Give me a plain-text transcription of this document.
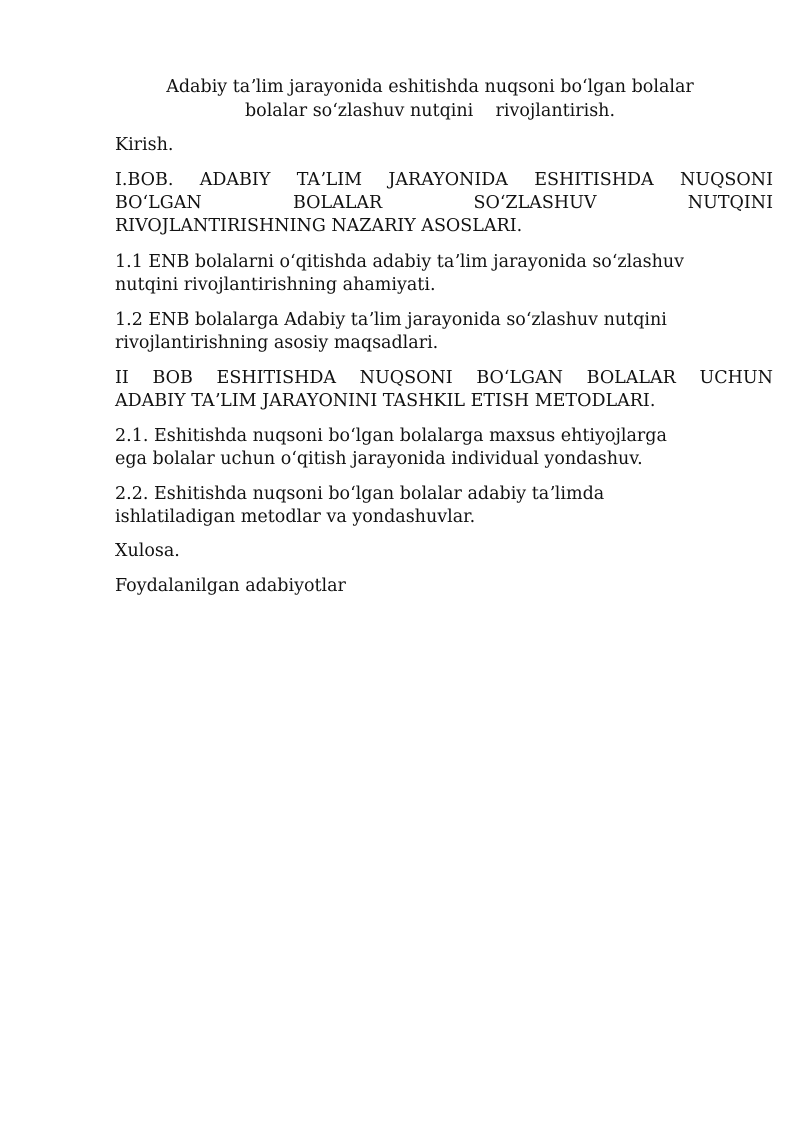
Adabiy taʼlim jarayonida eshitishda nuqsoni boʻlgan bolalar
bolalar soʻzlashuv nutqini    rivojlantirish.
Kirish.
I.BOB. ADABIY TAʼLIM JARAYONIDA ESHITISHDA NUQSONI
BOʻLGAN BOLALAR SOʻZLASHUV NUTQINI
RIVOJLANTIRISHNING NAZARIY ASOSLARI.
1.1 ENB bolalarni oʻqitishda adabiy taʼlim jarayonida soʻzlashuv
nutqini rivojlantirishning ahamiyati.
1.2 ENB bolalarga Adabiy taʼlim jarayonida soʻzlashuv nutqini
rivojlantirishning asosiy maqsadlari.
II BOB ESHITISHDA NUQSONI BOʻLGAN BOLALAR UCHUN
ADABIY TAʼLIM JARAYONINI TASHKIL ETISH METODLARI.
2.1. Eshitishda nuqsoni boʻlgan bolalarga maxsus ehtiyojlarga
ega bolalar uchun oʻqitish jarayonida individual yondashuv.
2.2. Eshitishda nuqsoni boʻlgan bolalar adabiy taʼlimda
ishlatiladigan metodlar va yondashuvlar.
Xulosa.
Foydalanilgan adabiyotlar
